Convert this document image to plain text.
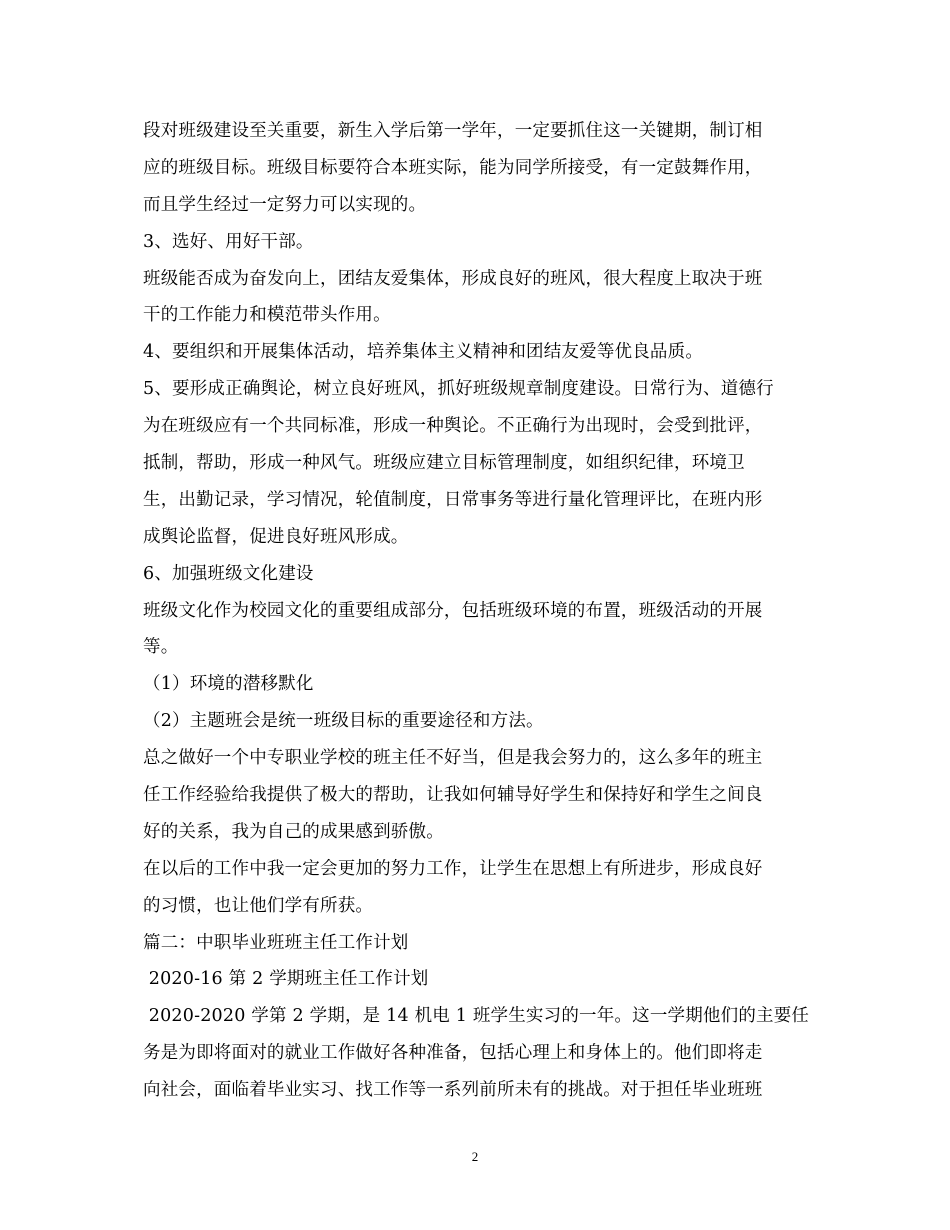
段对班级建设至关重要，新生入学后第一学年，一定要抓住这一关键期，制订相
应的班级目标。班级目标要符合本班实际，能为同学所接受，有一定鼓舞作用，
而且学生经过一定努力可以实现的。
3、选好、用好干部。
班级能否成为奋发向上，团结友爱集体，形成良好的班风，很大程度上取决于班
干的工作能力和模范带头作用。
4、要组织和开展集体活动，培养集体主义精神和团结友爱等优良品质。
5、要形成正确舆论，树立良好班风，抓好班级规章制度建设。日常行为、道德行
为在班级应有一个共同标准，形成一种舆论。不正确行为出现时，会受到批评，
抵制，帮助，形成一种风气。班级应建立目标管理制度，如组织纪律，环境卫
生，出勤记录，学习情况，轮值制度，日常事务等进行量化管理评比，在班内形
成舆论监督，促进良好班风形成。
6、加强班级文化建设
班级文化作为校园文化的重要组成部分，包括班级环境的布置，班级活动的开展
等。
（1）环境的潜移默化
（2）主题班会是统一班级目标的重要途径和方法。
总之做好一个中专职业学校的班主任不好当，但是我会努力的，这么多年的班主
任工作经验给我提供了极大的帮助，让我如何辅导好学生和保持好和学生之间良
好的关系，我为自己的成果感到骄傲。
在以后的工作中我一定会更加的努力工作，让学生在思想上有所进步，形成良好
的习惯，也让他们学有所获。
篇二：中职毕业班班主任工作计划
2020-16 第 2 学期班主任工作计划
2020-2020 学第 2 学期，是 14 机电 1 班学生实习的一年。这一学期他们的主要任
务是为即将面对的就业工作做好各种准备，包括心理上和身体上的。他们即将走
向社会，面临着毕业实习、找工作等一系列前所未有的挑战。对于担任毕业班班
2
